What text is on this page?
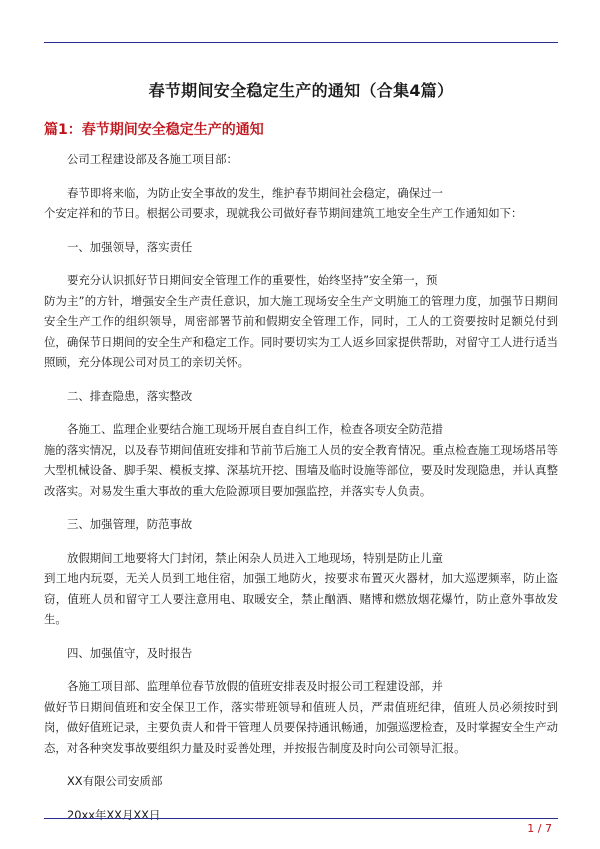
春节期间安全稳定生产的通知（合集4篇）
篇1：春节期间安全稳定生产的通知

公司工程建设部及各施工项目部：

春节即将来临，为防止安全事故的发生，维护春节期间社会稳定，确保过一

个安定祥和的节日。根据公司要求，现就我公司做好春节期间建筑工地安全生产工作通知如下：

一、加强领导，落实责任

要充分认识抓好节日期间安全管理工作的重要性，始终坚持”安全第一，预

防为主”的方针，增强安全生产责任意识，加大施工现场安全生产文明施工的管理力度，加强节日期间安全生产工作的组织领导，周密部署节前和假期安全管理工作，同时，工人的工资要按时足额兑付到位，确保节日期间的安全生产和稳定工作。同时要切实为工人返乡回家提供帮助，对留守工人进行适当照顾，充分体现公司对员工的亲切关怀。

二、排查隐患，落实整改

各施工、监理企业要结合施工现场开展自查自纠工作，检查各项安全防范措

施的落实情况，以及春节期间值班安排和节前节后施工人员的安全教育情况。重点检查施工现场塔吊等大型机械设备、脚手架、模板支撑、深基坑开挖、围墙及临时设施等部位，要及时发现隐患，并认真整改落实。对易发生重大事故的重大危险源项目要加强监控，并落实专人负责。

三、加强管理，防范事故

放假期间工地要将大门封闭，禁止闲杂人员进入工地现场，特别是防止儿童

到工地内玩耍，无关人员到工地住宿，加强工地防火，按要求布置灭火器材，加大巡逻频率，防止盗窃，值班人员和留守工人要注意用电、取暖安全，禁止酗酒、赌博和燃放烟花爆竹，防止意外事故发生。

四、加强值守，及时报告

各施工项目部、监理单位春节放假的值班安排表及时报公司工程建设部，并

做好节日期间值班和安全保卫工作，落实带班领导和值班人员，严肃值班纪律，值班人员必须按时到岗，做好值班记录，主要负责人和骨干管理人员要保持通讯畅通，加强巡逻检查，及时掌握安全生产动态，对各种突发事故要组织力量及时妥善处理，并按报告制度及时向公司领导汇报。

XX有限公司安质部

20xx年XX月XX日

1 / 7
